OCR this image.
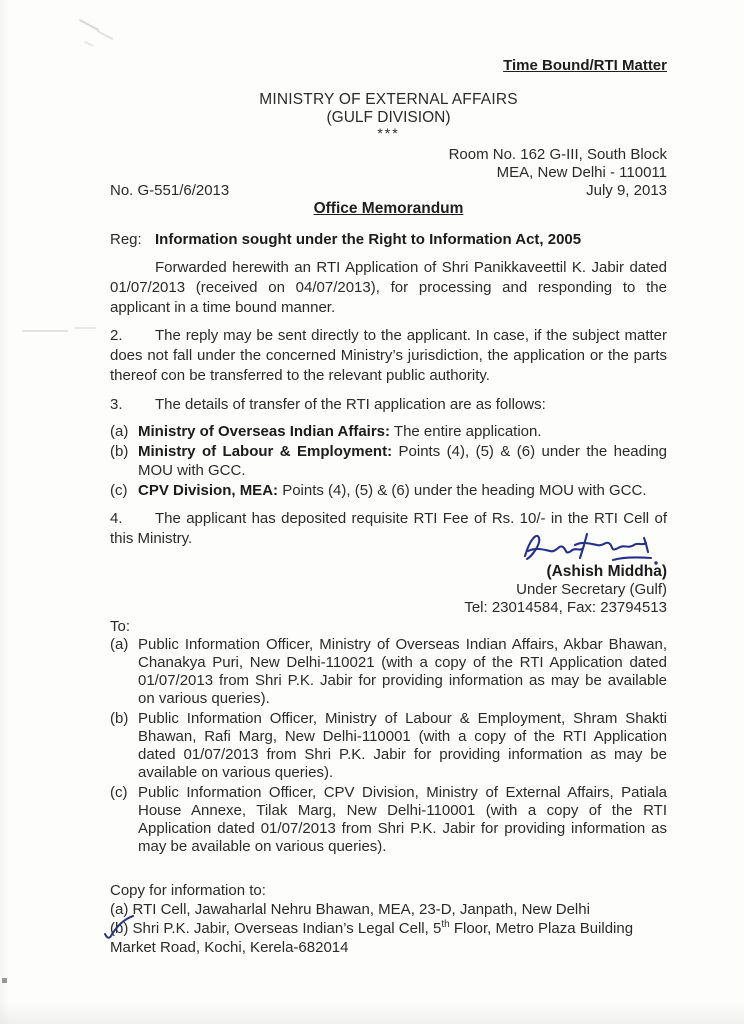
Time Bound/RTI Matter
MINISTRY OF EXTERNAL AFFAIRS
(GULF DIVISION)
***
Room No. 162 G-III, South Block
MEA, New Delhi - 110011
No. G-551/6/2013	July 9, 2013
Office Memorandum
Reg: Information sought under the Right to Information Act, 2005
Forwarded herewith an RTI Application of Shri Panikkaveettil K. Jabir dated 01/07/2013 (received on 04/07/2013), for processing and responding to the applicant in a time bound manner.
2. The reply may be sent directly to the applicant. In case, if the subject matter does not fall under the concerned Ministry’s jurisdiction, the application or the parts thereof con be transferred to the relevant public authority.
3. The details of transfer of the RTI application are as follows:
(a) Ministry of Overseas Indian Affairs: The entire application.
(b) Ministry of Labour & Employment: Points (4), (5) & (6) under the heading MOU with GCC.
(c) CPV Division, MEA: Points (4), (5) & (6) under the heading MOU with GCC.
4. The applicant has deposited requisite RTI Fee of Rs. 10/- in the RTI Cell of this Ministry.
(Ashish Middha)
Under Secretary (Gulf)
Tel: 23014584, Fax: 23794513
To:
(a) Public Information Officer, Ministry of Overseas Indian Affairs, Akbar Bhawan, Chanakya Puri, New Delhi-110021 (with a copy of the RTI Application dated 01/07/2013 from Shri P.K. Jabir for providing information as may be available on various queries).
(b) Public Information Officer, Ministry of Labour & Employment, Shram Shakti Bhawan, Rafi Marg, New Delhi-110001 (with a copy of the RTI Application dated 01/07/2013 from Shri P.K. Jabir for providing information as may be available on various queries).
(c) Public Information Officer, CPV Division, Ministry of External Affairs, Patiala House Annexe, Tilak Marg, New Delhi-110001 (with a copy of the RTI Application dated 01/07/2013 from Shri P.K. Jabir for providing information as may be available on various queries).
Copy for information to:
(a) RTI Cell, Jawaharlal Nehru Bhawan, MEA, 23-D, Janpath, New Delhi
(b) Shri P.K. Jabir, Overseas Indian’s Legal Cell, 5th Floor, Metro Plaza Building Market Road, Kochi, Kerela-682014
